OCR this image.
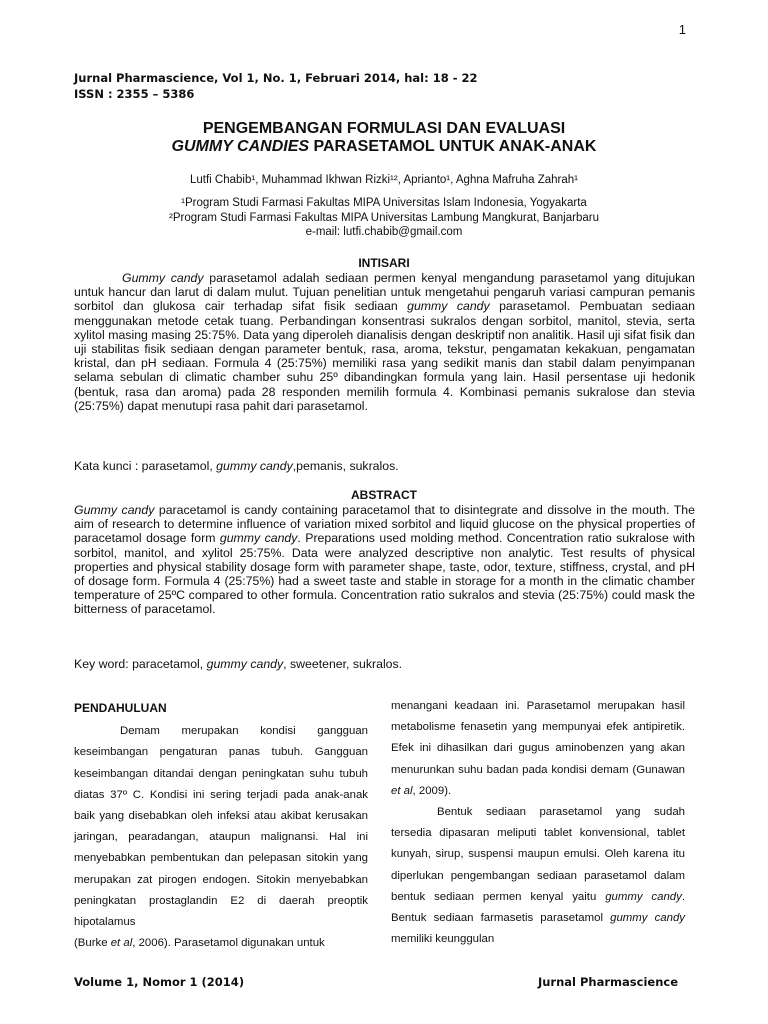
1
Jurnal Pharmascience, Vol 1, No. 1, Februari 2014, hal: 18 - 22
ISSN : 2355 – 5386
PENGEMBANGAN FORMULASI DAN EVALUASI
GUMMY CANDIES PARASETAMOL UNTUK ANAK-ANAK
Lutfi Chabib¹, Muhammad Ikhwan Rizki¹², Aprianto¹, Aghna Mafruha Zahrah¹
¹Program Studi Farmasi Fakultas MIPA Universitas Islam Indonesia, Yogyakarta
²Program Studi Farmasi Fakultas MIPA Universitas Lambung Mangkurat, Banjarbaru
e-mail: lutfi.chabib@gmail.com
INTISARI

Gummy candy parasetamol adalah sediaan permen kenyal mengandung parasetamol yang ditujukan untuk hancur dan larut di dalam mulut. Tujuan penelitian untuk mengetahui pengaruh variasi campuran pemanis sorbitol dan glukosa cair terhadap sifat fisik sediaan gummy candy parasetamol. Pembuatan sediaan menggunakan metode cetak tuang. Perbandingan konsentrasi sukralos dengan sorbitol, manitol, stevia, serta xylitol masing masing 25:75%. Data yang diperoleh dianalisis dengan deskriptif non analitik. Hasil uji sifat fisik dan uji stabilitas fisik sediaan dengan parameter bentuk, rasa, aroma, tekstur, pengamatan kekakuan, pengamatan kristal, dan pH sediaan. Formula 4 (25:75%) memiliki rasa yang sedikit manis dan stabil dalam penyimpanan selama sebulan di climatic chamber suhu 25º dibandingkan formula yang lain. Hasil persentase uji hedonik (bentuk, rasa dan aroma) pada 28 responden memilih formula 4. Kombinasi pemanis sukralose dan stevia (25:75%) dapat menutupi rasa pahit dari parasetamol.

Kata kunci : parasetamol, gummy candy,pemanis, sukralos.

ABSTRACT

Gummy candy paracetamol is candy containing paracetamol that to disintegrate and dissolve in the mouth. The aim of research to determine influence of variation mixed sorbitol and liquid glucose on the physical properties of paracetamol dosage form gummy candy. Preparations used molding method. Concentration ratio sukralose with sorbitol, manitol, and xylitol 25:75%. Data were analyzed descriptive non analytic. Test results of physical properties and physical stability dosage form with parameter shape, taste, odor, texture, stiffness, crystal, and pH of dosage form. Formula 4 (25:75%) had a sweet taste and stable in storage for a month in the climatic chamber temperature of 25ºC compared to other formula. Concentration ratio sukralos and stevia (25:75%) could mask the bitterness of paracetamol.

Key word: paracetamol, gummy candy, sweetener, sukralos.

PENDAHULUAN

Demam merupakan kondisi gangguan keseimbangan pengaturan panas tubuh. Gangguan keseimbangan ditandai dengan peningkatan suhu tubuh diatas 37º C. Kondisi ini sering terjadi pada anak-anak baik yang disebabkan oleh infeksi atau akibat kerusakan jaringan, pearadangan, ataupun malignansi. Hal ini menyebabkan pembentukan dan pelepasan sitokin yang merupakan zat pirogen endogen. Sitokin menyebabkan peningkatan prostaglandin E2 di daerah preoptik hipotalamus

(Burke et al, 2006). Parasetamol digunakan untuk

menangani keadaan ini. Parasetamol merupakan hasil metabolisme fenasetin yang mempunyai efek antipiretik. Efek ini dihasilkan dari gugus aminobenzen yang akan menurunkan suhu badan pada kondisi demam (Gunawan et al, 2009).

Bentuk sediaan parasetamol yang sudah tersedia dipasaran meliputi tablet konvensional, tablet kunyah, sirup, suspensi maupun emulsi. Oleh karena itu diperlukan pengembangan sediaan parasetamol dalam bentuk sediaan permen kenyal yaitu gummy candy. Bentuk sediaan farmasetis parasetamol gummy candy memiliki keunggulan

Volume 1, Nomor 1 (2014)	Jurnal Pharmascience
